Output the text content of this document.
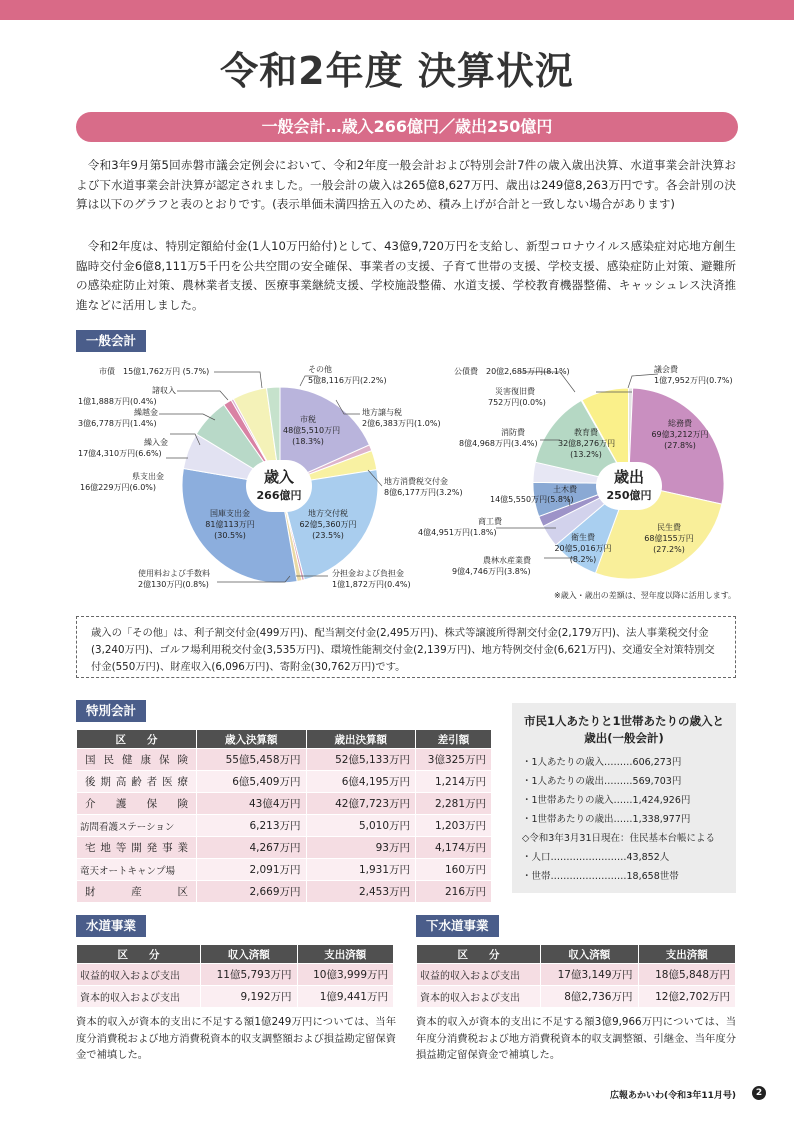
令和2年度 決算状況
一般会計…歳入266億円／歳出250億円

　令和3年9月第5回赤磐市議会定例会において、令和2年度一般会計および特別会計7件の歳入歳出決算、水道事業会計決算および下水道事業会計決算が認定されました。一般会計の歳入は265億8,627万円、歳出は249億8,263万円です。各会計別の決算は以下のグラフと表のとおりです。(表示単価未満四捨五入のため、積み上げが合計と一致しない場合があります)

　令和2年度は、特別定額給付金(1人10万円給付)として、43億9,720万円を支給し、新型コロナウイルス感染症対応地方創生臨時交付金6億8,111万5千円を公共空間の安全確保、事業者の支援、子育て世帯の支援、学校支援、感染症防止対策、避難所の感染症防止対策、農林業者支援、医療事業継続支援、学校施設整備、水道支援、学校教育機器整備、キャッシュレス決済推進などに活用しました。

一般会計
歳入
266億円
歳出
250億円
その他
5億8,116万円(2.2%)
市債　 15億1,762万円 (5.7%)
諸収入
1億1,888万円(0.4%)
繰越金
3億6,778万円(1.4%)
繰入金
17億4,310万円(6.6%)
県支出金
16億229万円(6.0%)
国庫支出金
81億113万円
(30.5%)
使用料および手数料
2億130万円(0.8%)
分担金および負担金
1億1,872万円(0.4%)
地方交付税
62億5,360万円
(23.5%)
地方消費税交付金
8億6,177万円(3.2%)
地方譲与税
2億6,383万円(1.0%)
市税
48億5,510万円
(18.3%)
公債費　 20億2,685万円(8.1%)	議会費
1億7,952万円(0.7%)
災害復旧費
752万円(0.0%)
教育費
32億8,276万円
(13.2%)
消防費
8億4,968万円(3.4%)
総務費
69億3,212万円
(27.8%)
土木費
14億5,550万円(5.8%)
商工費
4億4,951万円(1.8%)
民生費
68億155万円
(27.2%)
衛生費
20億5,016万円
(8.2%)
農林水産業費
9億4,746万円(3.8%)
※歳入・歳出の差額は、翌年度以降に活用します。
歳入の「その他」は、利子割交付金(499万円)、配当割交付金(2,495万円)、株式等譲渡所得割交付金(2,179万円)、法人事業税交付金(3,240万円)、ゴルフ場利用税交付金(3,535万円)、環境性能割交付金(2,139万円)、地方特例交付金(6,621万円)、交通安全対策特別交付金(550万円)、財産収入(6,096万円)、寄附金(30,762万円)です。
特別会計
区　　分	歳入決算額	歳出決算額	差引額
国民健康保険	55億5,458万円	52億5,133万円	3億325万円
後期高齢者医療	6億5,409万円	6億4,195万円	1,214万円
介護保険	43億4万円	42億7,723万円	2,281万円
訪問看護ステーション	6,213万円	5,010万円	1,203万円
宅地等開発事業	4,267万円	93万円	4,174万円
竜天オートキャンプ場	2,091万円	1,931万円	160万円
財産区	2,669万円	2,453万円	216万円
市民1人あたりと1世帯あたりの歳入と歳出(一般会計)
・1人あたりの歳入………606,273円
・1人あたりの歳出………569,703円
・1世帯あたりの歳入……1,424,926円
・1世帯あたりの歳出……1,338,977円
◇令和3年3月31日現在：住民基本台帳による
・人口……………………43,852人
・世帯……………………18,658世帯
水道事業
区　　分	収入済額	支出済額
収益的収入および支出	11億5,793万円	10億3,999万円
資本的収入および支出	9,192万円	1億9,441万円

資本的収入が資本的支出に不足する額1億249万円については、当年度分消費税および地方消費税資本的収支調整額および損益勘定留保資金で補填した。

下水道事業
区　　分	収入済額	支出済額
収益的収入および支出	17億3,149万円	18億5,848万円
資本的収入および支出	8億2,736万円	12億2,702万円

資本的収入が資本的支出に不足する額3億9,966万円については、当年度分消費税および地方消費税資本的収支調整額、引継金、当年度分損益勘定留保資金で補填した。

広報あかいわ(令和3年11月号)	2
